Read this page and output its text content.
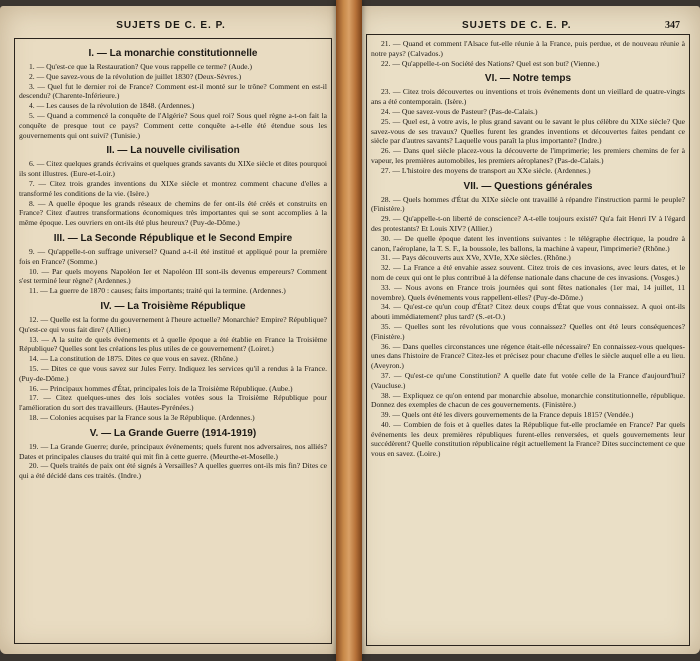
SUJETS DE C. E. P.
I. — La monarchie constitutionnelle

1. — Qu'est-ce que la Restauration? Que vous rappelle ce terme? (Aude.)

2. — Que savez-vous de la révolution de juillet 1830? (Deux-Sèvres.)

3. — Quel fut le dernier roi de France? Comment est-il monté sur le trône? Comment en est-il descendu? (Charente-Inférieure.)

4. — Les causes de la révolution de 1848. (Ardennes.)

5. — Quand a commencé la conquête de l'Algérie? Sous quel roi? Sous quel règne a-t-on fait la conquête de presque tout ce pays? Comment cette conquête a-t-elle été étendue sous les gouvernements qui ont suivi? (Tunisie.)

II. — La nouvelle civilisation

6. — Citez quelques grands écrivains et quelques grands savants du XIXe siècle et dites pourquoi ils sont illustres. (Eure-et-Loir.)

7. — Citez trois grandes inventions du XIXe siècle et montrez comment chacune d'elles a transformé les conditions de la vie. (Isère.)

8. — A quelle époque les grands réseaux de chemins de fer ont-ils été créés et construits en France? Citez d'autres transformations économiques très importantes qui se sont accomplies à la même époque. Les ouvriers en ont-ils été plus heureux? (Puy-de-Dôme.)

III. — La Seconde République et le Second Empire

9. — Qu'appelle-t-on suffrage universel? Quand a-t-il été institué et appliqué pour la première fois en France? (Somme.)

10. — Par quels moyens Napoléon Ier et Napoléon III sont-ils devenus empereurs? Comment s'est terminé leur règne? (Ardennes.)

11. — La guerre de 1870 : causes; faits importants; traité qui la termine. (Ardennes.)

IV. — La Troisième République

12. — Quelle est la forme du gouvernement à l'heure actuelle? Monarchie? Empire? République? Qu'est-ce qui vous fait dire? (Allier.)

13. — A la suite de quels événements et à quelle époque a été établie en France la Troisième République? Quelles sont les créations les plus utiles de ce gouvernement? (Loiret.)

14. — La constitution de 1875. Dites ce que vous en savez. (Rhône.)

15. — Dites ce que vous savez sur Jules Ferry. Indiquez les services qu'il a rendus à la France. (Puy-de-Dôme.)

16. — Principaux hommes d'État, principales lois de la Troisième République. (Aube.)

17. — Citez quelques-unes des lois sociales votées sous la Troisième République pour l'amélioration du sort des travailleurs. (Hautes-Pyrénées.)

18. — Colonies acquises par la France sous la 3e République. (Ardennes.)

V. — La Grande Guerre (1914-1919)

19. — La Grande Guerre; durée, principaux événements; quels furent nos adversaires, nos alliés? Dates et principales clauses du traité qui mit fin à cette guerre. (Meurthe-et-Moselle.)

20. — Quels traités de paix ont été signés à Versailles? A quelles guerres ont-ils mis fin? Dites ce qui a été décidé dans ces traités. (Indre.)

SUJETS DE C. E. P.	347

21. — Quand et comment l'Alsace fut-elle réunie à la France, puis perdue, et de nouveau réunie à notre pays? (Calvados.)

22. — Qu'appelle-t-on Société des Nations? Quel est son but? (Vienne.)

VI. — Notre temps

23. — Citez trois découvertes ou inventions et trois événements dont un vieillard de quatre-vingts ans a été contemporain. (Isère.)

24. — Que savez-vous de Pasteur? (Pas-de-Calais.)

25. — Quel est, à votre avis, le plus grand savant ou le savant le plus célèbre du XIXe siècle? Que savez-vous de ses travaux? Quelles furent les grandes inventions et découvertes faites pendant ce siècle par d'autres savants? Laquelle vous paraît la plus importante? (Indre.)

26. — Dans quel siècle placez-vous la découverte de l'imprimerie; les premiers chemins de fer à vapeur, les premières automobiles, les premiers aéroplanes? (Pas-de-Calais.)

27. — L'histoire des moyens de transport au XXe siècle. (Ardennes.)

VII. — Questions générales

28. — Quels hommes d'État du XIXe siècle ont travaillé à répandre l'instruction parmi le peuple? (Finistère.)

29. — Qu'appelle-t-on liberté de conscience? A-t-elle toujours existé? Qu'a fait Henri IV à l'égard des protestants? Et Louis XIV? (Allier.)

30. — De quelle époque datent les inventions suivantes : le télégraphe électrique, la poudre à canon, l'aéroplane, la T. S. F., la boussole, les ballons, la machine à vapeur, l'imprimerie? (Rhône.)

31. — Pays découverts aux XVe, XVIe, XXe siècles. (Rhône.)

32. — La France a été envahie assez souvent. Citez trois de ces invasions, avec leurs dates, et le nom de ceux qui ont le plus contribué à la défense nationale dans chacune de ces invasions. (Vosges.)

33. — Nous avons en France trois journées qui sont fêtes nationales (1er mai, 14 juillet, 11 novembre). Quels événements vous rappellent-elles? (Puy-de-Dôme.)

34. — Qu'est-ce qu'un coup d'État? Citez deux coups d'État que vous connaissez. A quoi ont-ils abouti immédiatement? plus tard? (S.-et-O.)

35. — Quelles sont les révolutions que vous connaissez? Quelles ont été leurs conséquences? (Finistère.)

36. — Dans quelles circonstances une régence était-elle nécessaire? En connaissez-vous quelques-unes dans l'histoire de France? Citez-les et précisez pour chacune d'elles le siècle auquel elle a eu lieu. (Aveyron.)

37. — Qu'est-ce qu'une Constitution? A quelle date fut votée celle de la France d'aujourd'hui? (Vaucluse.)

38. — Expliquez ce qu'on entend par monarchie absolue, monarchie constitutionnelle, république. Donnez des exemples de chacun de ces gouvernements. (Finistère.)

39. — Quels ont été les divers gouvernements de la France depuis 1815? (Vendée.)

40. — Combien de fois et à quelles dates la République fut-elle proclamée en France? Par quels événements les deux premières républiques furent-elles renversées, et quels gouvernements leur succédèrent? Quelle constitution républicaine régit actuellement la France? Dites succinctement ce que vous en savez. (Loire.)
